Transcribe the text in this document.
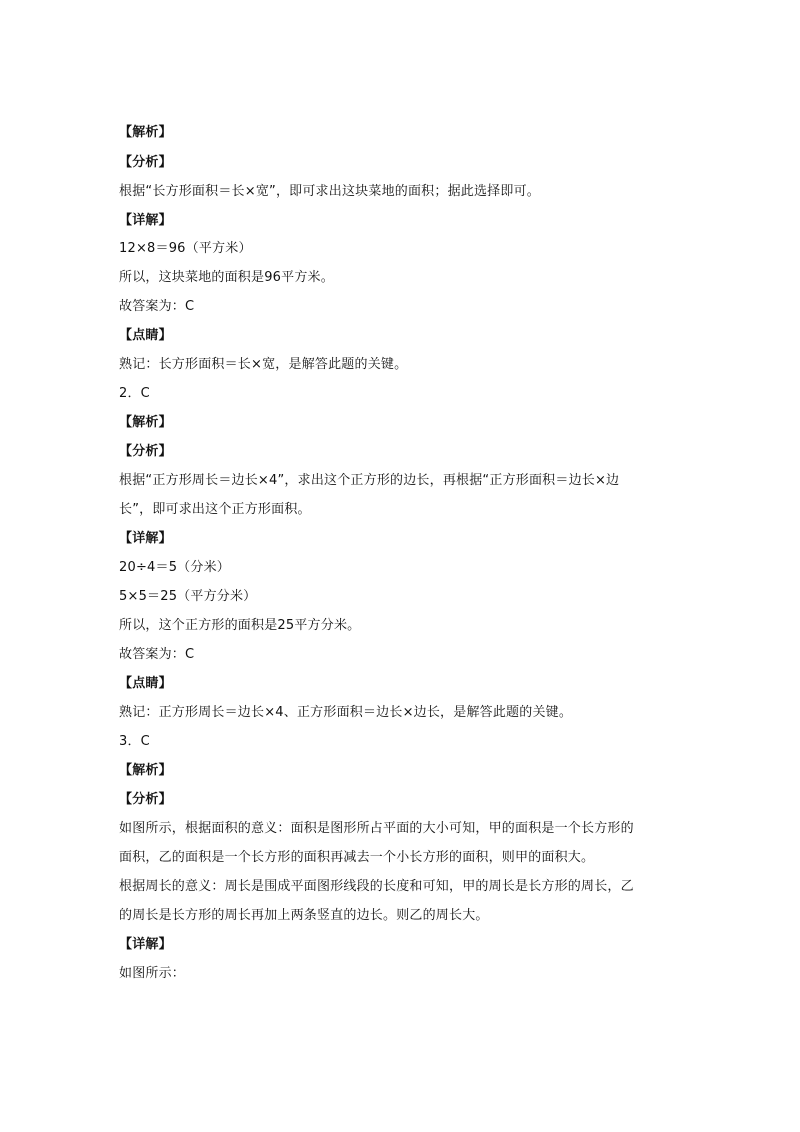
【解析】
【分析】
根据“长方形面积＝长×宽”，即可求出这块菜地的面积；据此选择即可。
【详解】
12×8＝96（平方米）
所以，这块菜地的面积是96平方米。
故答案为：C
【点睛】
熟记：长方形面积＝长×宽，是解答此题的关键。
2．C
【解析】
【分析】
根据“正方形周长＝边长×4”，求出这个正方形的边长，再根据“正方形面积＝边长×边
长”，即可求出这个正方形面积。
【详解】
20÷4＝5（分米）
5×5＝25（平方分米）
所以，这个正方形的面积是25平方分米。
故答案为：C
【点睛】
熟记：正方形周长＝边长×4、正方形面积＝边长×边长，是解答此题的关键。
3．C
【解析】
【分析】
如图所示，根据面积的意义：面积是图形所占平面的大小可知，甲的面积是一个长方形的
面积，乙的面积是一个长方形的面积再减去一个小长方形的面积，则甲的面积大。
根据周长的意义：周长是围成平面图形线段的长度和可知，甲的周长是长方形的周长，乙
的周长是长方形的周长再加上两条竖直的边长。则乙的周长大。
【详解】
如图所示：
